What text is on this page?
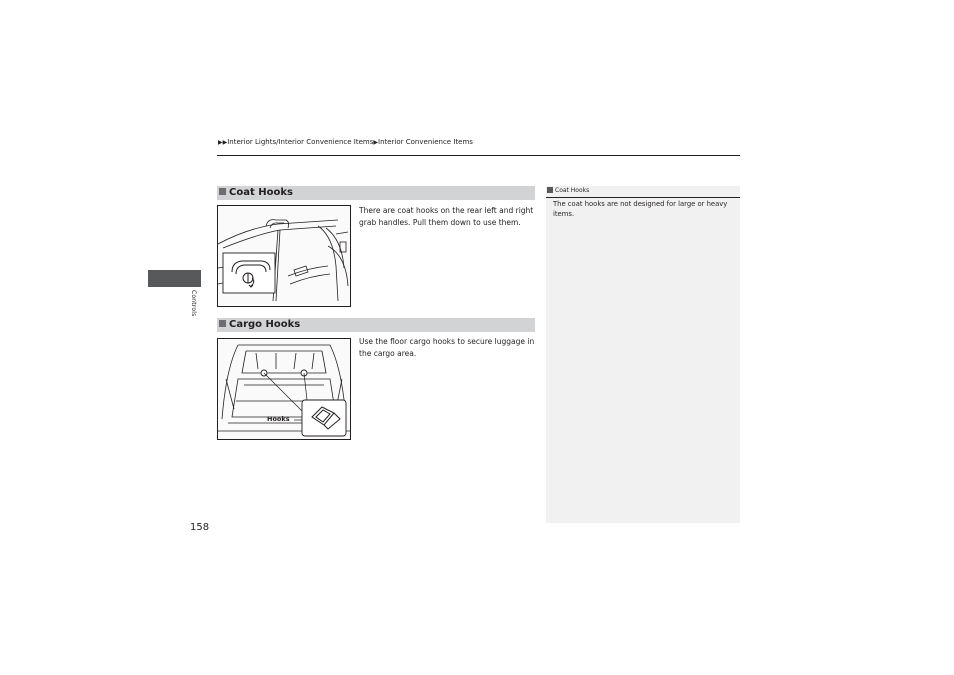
▶▶Interior Lights/Interior Convenience Items▶Interior Convenience Items
Controls
Coat Hooks
There are coat hooks on the rear left and right grab handles. Pull them down to use them.
Cargo Hooks
Hooks
Use the floor cargo hooks to secure luggage in the cargo area.
Coat Hooks
The coat hooks are not designed for large or heavy items.
158
